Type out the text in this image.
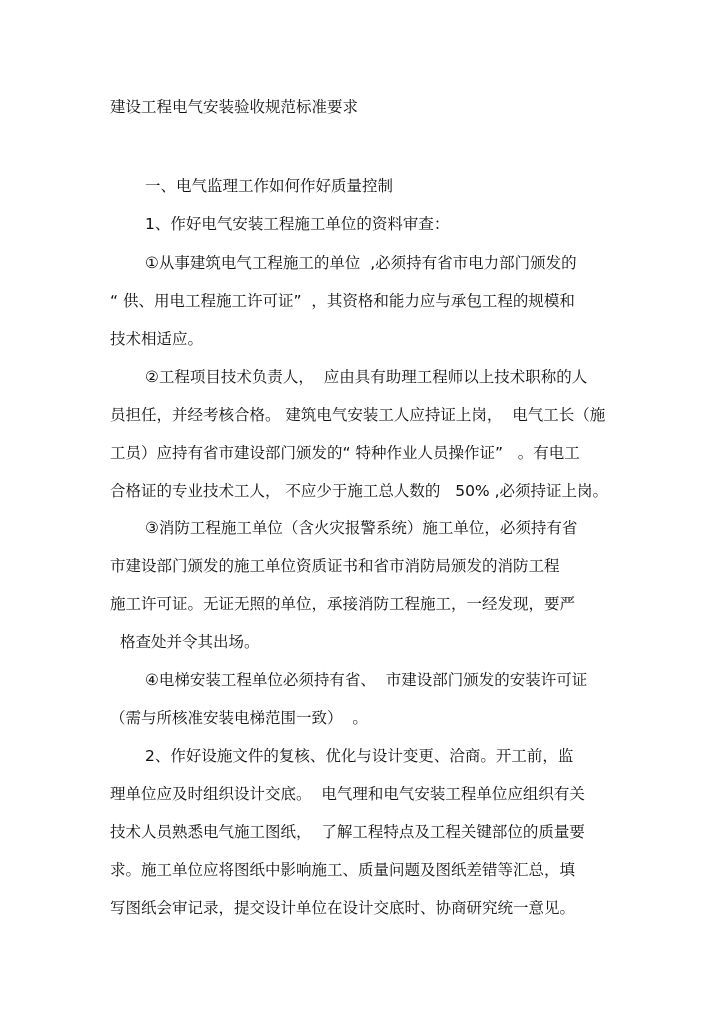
建设工程电气安装验收规范标准要求
一、电气监理工作如何作好质量控制
1、作好电气安装工程施工单位的资料审查：
①从事建筑电气工程施工的单位  ,必须持有省市电力部门颁发的
“ 供、用电工程施工许可证”  ，其资格和能力应与承包工程的规模和
技术相适应。
②工程项目技术负责人，  应由具有助理工程师以上技术职称的人
员担任，并经考核合格。 建筑电气安装工人应持证上岗，  电气工长（施
工员）应持有省市建设部门颁发的“ 特种作业人员操作证”   。有电工
合格证的专业技术工人， 不应少于施工总人数的   50% ,必须持证上岗。
③消防工程施工单位（含火灾报警系统）施工单位，必须持有省
市建设部门颁发的施工单位资质证书和省市消防局颁发的消防工程
施工许可证。无证无照的单位，承接消防工程施工，一经发现，要严
格查处并令其出场。
④电梯安装工程单位必须持有省、  市建设部门颁发的安装许可证
（需与所核准安装电梯范围一致）  。
2、作好设施文件的复核、优化与设计变更、洽商。开工前，监
理单位应及时组织设计交底。  电气理和电气安装工程单位应组织有关
技术人员熟悉电气施工图纸，  了解工程特点及工程关键部位的质量要
求。施工单位应将图纸中影响施工、质量问题及图纸差错等汇总，填
写图纸会审记录，提交设计单位在设计交底时、协商研究统一意见。
